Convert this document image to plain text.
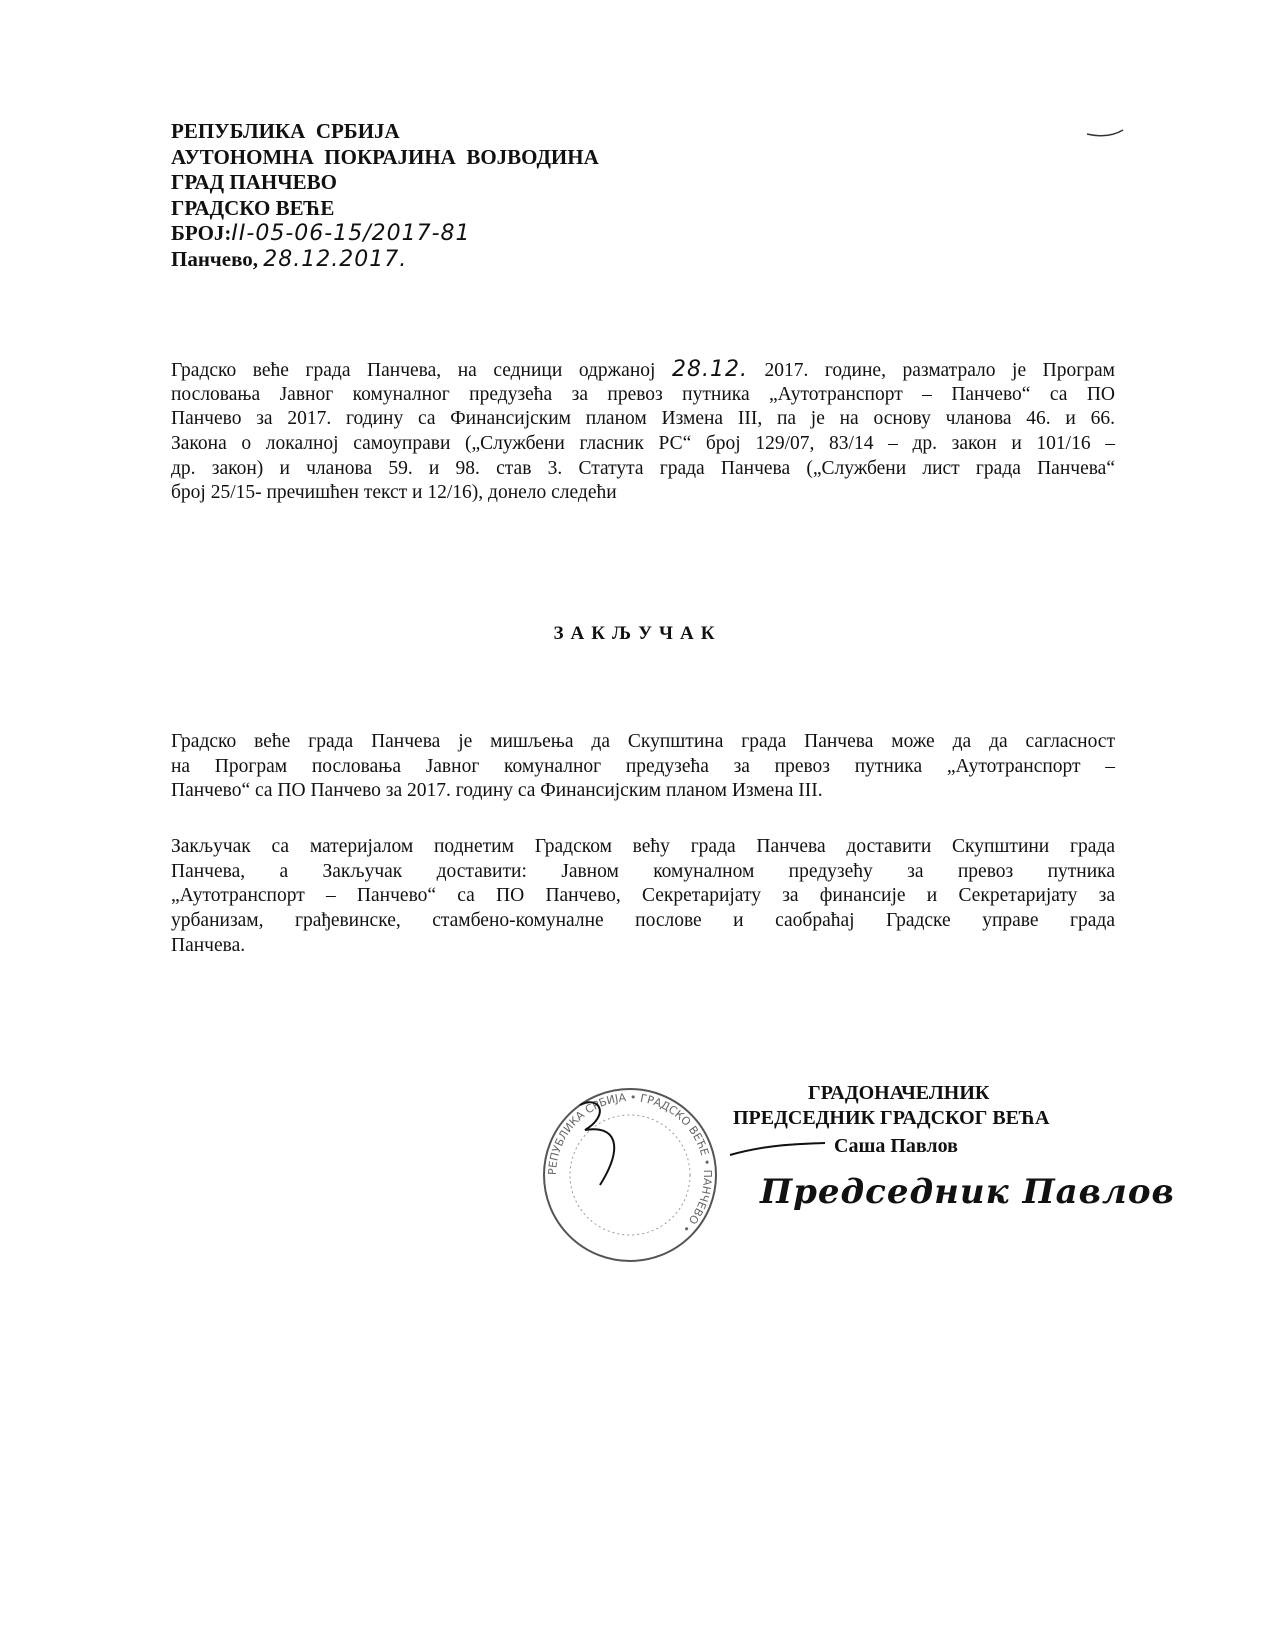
РЕПУБЛИКА  СРБИЈА
АУТОНОМНА  ПОКРАЈИНА  ВОЈВОДИНА
ГРАД ПАНЧЕВО
ГРАДСКО ВЕЋЕ
БРОЈ:II-05-06-15/2017-81
Панчево, 28.12.2017.
Градско веће града Панчева, на седници одржаној 28.12. 2017. године, разматрало је Програм
пословања Јавног комуналног предузећа за превоз путника „Аутотранспорт – Панчево“ са ПО
Панчево за 2017. годину са Финансијским планом Измена III, па је на основу чланова 46. и 66.
Закона о локалној самоуправи („Службени гласник РС“ број 129/07, 83/14 – др. закон и 101/16 –
др. закон) и чланова 59. и 98. став 3. Статута града Панчева („Службени лист града Панчева“
број 25/15- пречишћен текст и 12/16), донело следећи
ЗАКЉУЧАК
Градско веће града Панчева је мишљења да Скупштина града Панчева може да да сагласност
на Програм пословања Јавног комуналног предузећа за превоз путника „Аутотранспорт –
Панчево“ са ПО Панчево за 2017. годину са Финансијским планом Измена III.
Закључак са материјалом поднетим Градском већу града Панчева доставити Скупштини града
Панчева, а Закључак доставити: Јавном комуналном предузећу за превоз путника
„Аутотранспорт – Панчево“ са ПО Панчево, Секретаријату за финансије и Секретаријату за
урбанизам, грађевинске, стамбено-комуналне послове и саобраћај Градске управе града
Панчева.
РЕПУБЛИКА СРБИЈА • ГРАДСКО ВЕЋЕ • ПАНЧЕВО •
ГРАДОНАЧЕЛНИК
ПРЕДСЕДНИК ГРАДСКОГ ВЕЋА
Саша Павлов
Председник Павлов
